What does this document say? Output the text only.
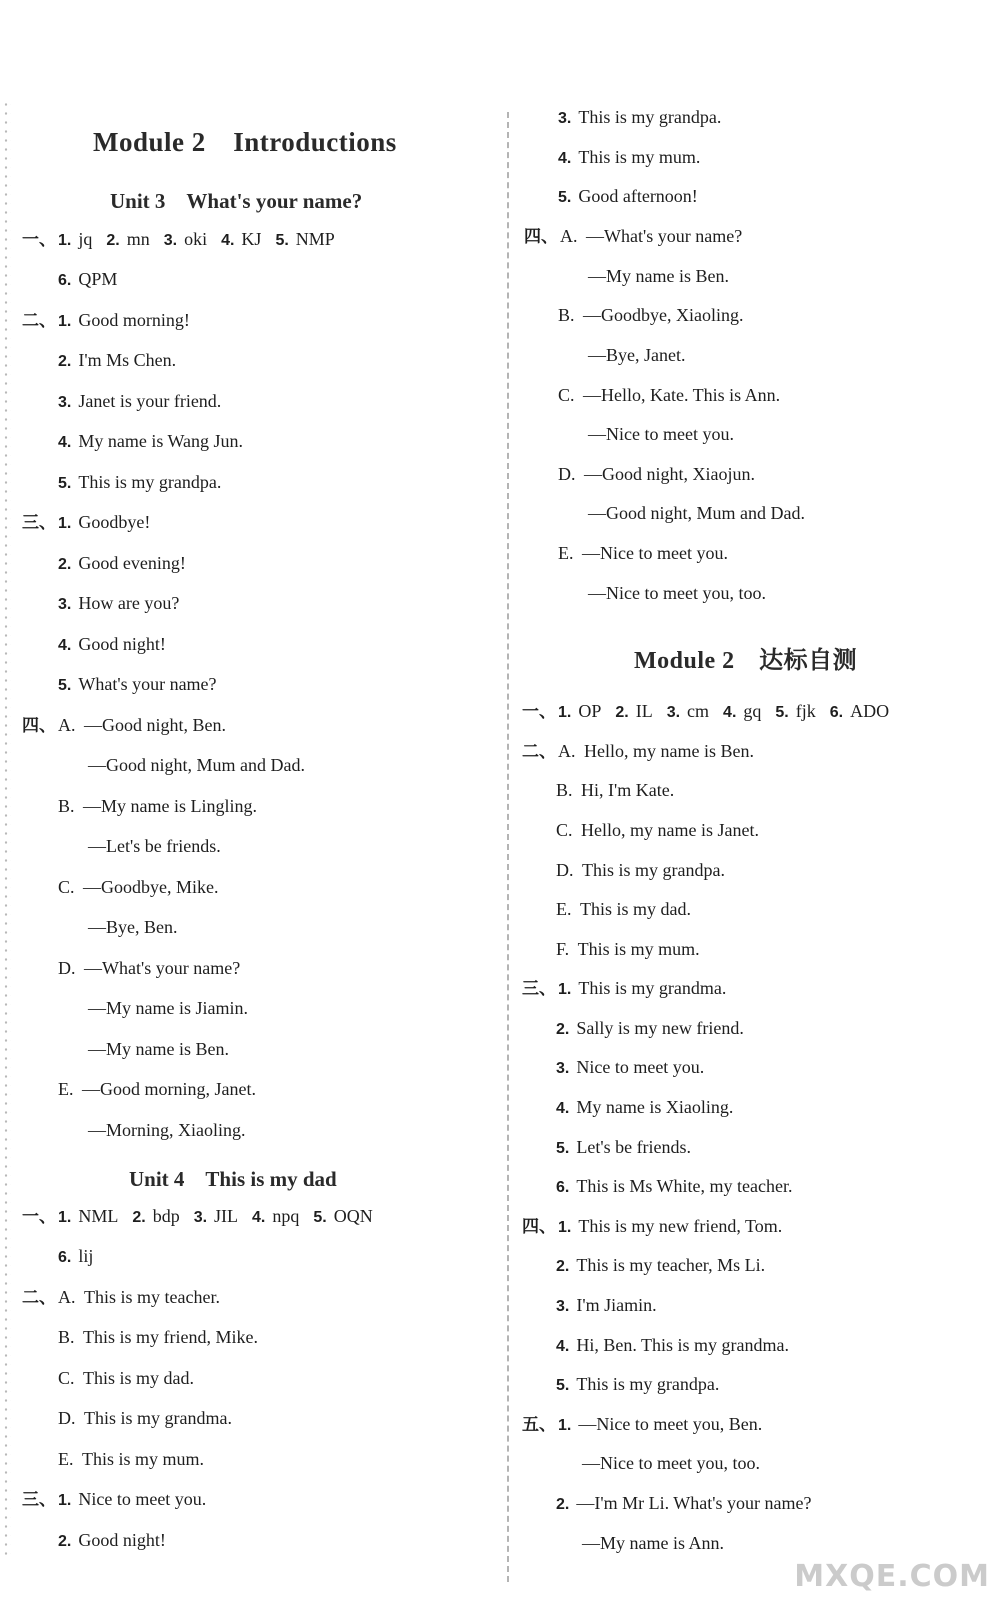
Module 2　Introductions
Unit 3　What's your name?
Unit 4　This is my dad
一、 1. jq 2. mn 3. oki 4. KJ 5. NMP
6. QPM
二、 1. Good morning!
2. I'm Ms Chen.
3. Janet is your friend.
4. My name is Wang Jun.
5. This is my grandpa.
三、 1. Goodbye!
2. Good evening!
3. How are you?
4. Good night!
5. What's your name?
四、 A. —Good night, Ben.
—Good night, Mum and Dad.
B. —My name is Lingling.
—Let's be friends.
C. —Goodbye, Mike.
—Bye, Ben.
D. —What's your name?
—My name is Jiamin.
—My name is Ben.
E. —Good morning, Janet.
—Morning, Xiaoling.
一、 1. NML 2. bdp 3. JIL 4. npq 5. OQN
6. lij
二、 A. This is my teacher.
B. This is my friend, Mike.
C. This is my dad.
D. This is my grandma.
E. This is my mum.
三、 1. Nice to meet you.
2. Good night!
Module 2　达标自测
3. This is my grandpa.
4. This is my mum.
5. Good afternoon!
四、 A. —What's your name?
—My name is Ben.
B. —Goodbye, Xiaoling.
—Bye, Janet.
C. —Hello, Kate. This is Ann.
—Nice to meet you.
D. —Good night, Xiaojun.
—Good night, Mum and Dad.
E. —Nice to meet you.
—Nice to meet you, too.
一、 1. OP 2. IL 3. cm 4. gq 5. fjk 6. ADO
二、 A. Hello, my name is Ben.
B. Hi, I'm Kate.
C. Hello, my name is Janet.
D. This is my grandpa.
E. This is my dad.
F. This is my mum.
三、 1. This is my grandma.
2. Sally is my new friend.
3. Nice to meet you.
4. My name is Xiaoling.
5. Let's be friends.
6. This is Ms White, my teacher.
四、 1. This is my new friend, Tom.
2. This is my teacher, Ms Li.
3. I'm Jiamin.
4. Hi, Ben. This is my grandma.
5. This is my grandpa.
五、 1. —Nice to meet you, Ben.
—Nice to meet you, too.
2. —I'm Mr Li. What's your name?
—My name is Ann.
MXQE.COM
